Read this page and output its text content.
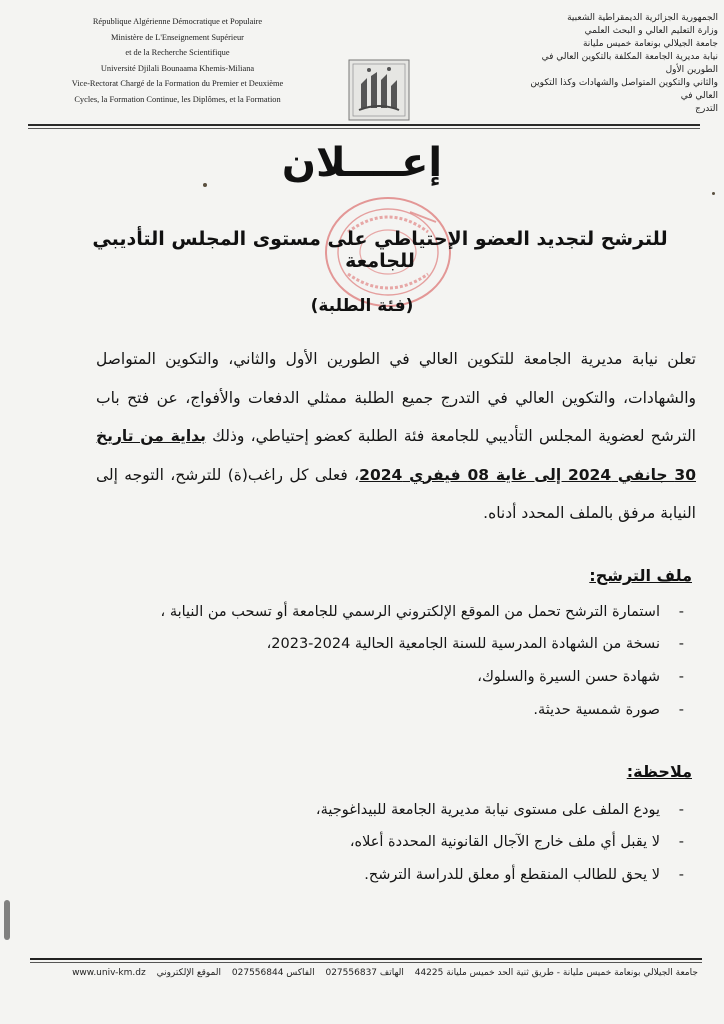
République Algérienne Démocratique et Populaire
Ministère de L'Enseignement Supérieur
et de la Recherche Scientifique
Université Djilali Bounaama Khemis-Miliana
Vice-Rectorat Chargé de la Formation du Premier et Deuxième
Cycles, la Formation Continue, les Diplômes, et la Formation
الجمهورية الجزائرية الديمقراطية الشعبية
وزارة التعليم العالي و البحث العلمي
جامعة الجيلالي بونعامة خميس مليانة
نيابة مديرية الجامعة المكلفة بالتكوين العالي في الطورين الأول
والثاني والتكوين المتواصل والشهادات وكذا التكوين العالي في
التدرج
إعــــلان
للترشح لتجديد العضو الإحتياطي على مستوى المجلس التأديبي للجامعة
(فئة الطلبة)
تعلن نيابة مديرية الجامعة للتكوين العالي في الطورين الأول والثاني، والتكوين المتواصل والشهادات، والتكوين العالي في التدرج جميع الطلبة ممثلي الدفعات والأفواج، عن فتح باب الترشح لعضوية المجلس التأديبي للجامعة فئة الطلبة كعضو إحتياطي، وذلك بداية من تاريخ 30 جانفي 2024 إلى غاية 08 فيفري 2024، فعلى كل راغب(ة) للترشح، التوجه إلى النيابة مرفق بالملف المحدد أدناه.
ملف الترشح:
-استمارة الترشح تحمل من الموقع الإلكتروني الرسمي للجامعة أو تسحب من النيابة ،
-نسخة من الشهادة المدرسية للسنة الجامعية الحالية 2024-2023،
-شهادة حسن السيرة والسلوك،
-صورة شمسية حديثة.
ملاحظة:
-يودع الملف على مستوى نيابة مديرية الجامعة للبيداغوجية،
-لا يقبل أي ملف خارج الآجال القانونية المحددة أعلاه،
-لا يحق للطالب المنقطع أو معلق للدراسة الترشح.
جامعة الجيلالي بونعامة خميس مليانة - طريق ثنية الحد خميس مليانة 44225 الهاتف 027556837 الفاكس 027556844 الموقع الإلكتروني www.univ-km.dz
